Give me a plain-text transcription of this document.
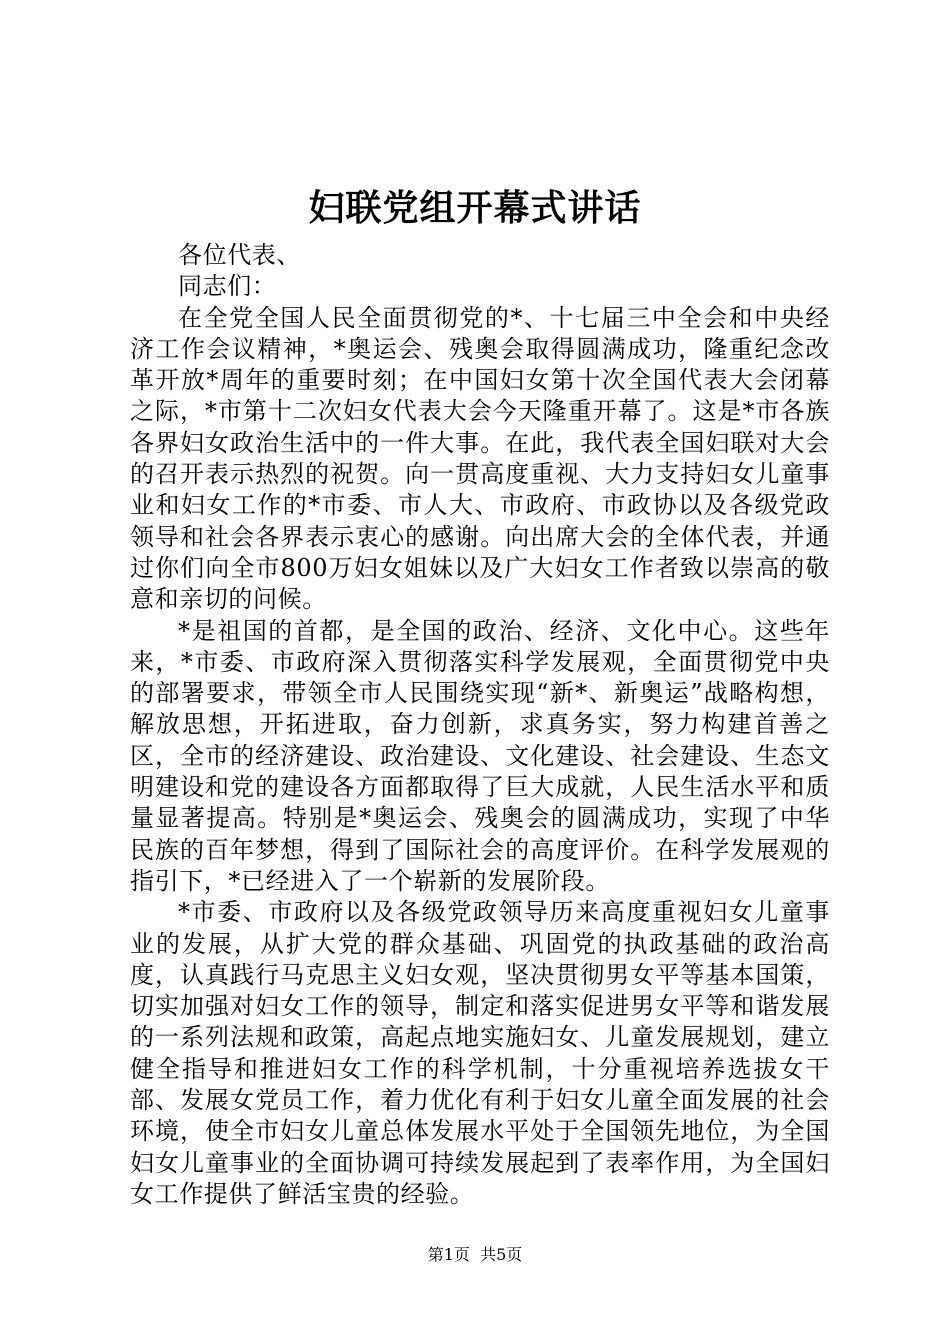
妇联党组开幕式讲话

各位代表、

同志们：

在全党全国人民全面贯彻党的*、十七届三中全会和中央经济工作会议精神，*奥运会、残奥会取得圆满成功，隆重纪念改革开放*周年的重要时刻；在中国妇女第十次全国代表大会闭幕之际，*市第十二次妇女代表大会今天隆重开幕了。这是*市各族各界妇女政治生活中的一件大事。在此，我代表全国妇联对大会的召开表示热烈的祝贺。向一贯高度重视、大力支持妇女儿童事业和妇女工作的*市委、市人大、市政府、市政协以及各级党政领导和社会各界表示衷心的感谢。向出席大会的全体代表，并通过你们向全市800万妇女姐妹以及广大妇女工作者致以崇高的敬意和亲切的问候。

*是祖国的首都，是全国的政治、经济、文化中心。这些年来，*市委、市政府深入贯彻落实科学发展观，全面贯彻党中央的部署要求，带领全市人民围绕实现“新*、新奥运”战略构想，解放思想，开拓进取，奋力创新，求真务实，努力构建首善之区，全市的经济建设、政治建设、文化建设、社会建设、生态文明建设和党的建设各方面都取得了巨大成就，人民生活水平和质量显著提高。特别是*奥运会、残奥会的圆满成功，实现了中华民族的百年梦想，得到了国际社会的高度评价。在科学发展观的指引下，*已经进入了一个崭新的发展阶段。

*市委、市政府以及各级党政领导历来高度重视妇女儿童事业的发展，从扩大党的群众基础、巩固党的执政基础的政治高度，认真践行马克思主义妇女观，坚决贯彻男女平等基本国策，切实加强对妇女工作的领导，制定和落实促进男女平等和谐发展的一系列法规和政策，高起点地实施妇女、儿童发展规划，建立健全指导和推进妇女工作的科学机制，十分重视培养选拔女干部、发展女党员工作，着力优化有利于妇女儿童全面发展的社会环境，使全市妇女儿童总体发展水平处于全国领先地位，为全国妇女儿童事业的全面协调可持续发展起到了表率作用，为全国妇女工作提供了鲜活宝贵的经验。

第1页 共5页
